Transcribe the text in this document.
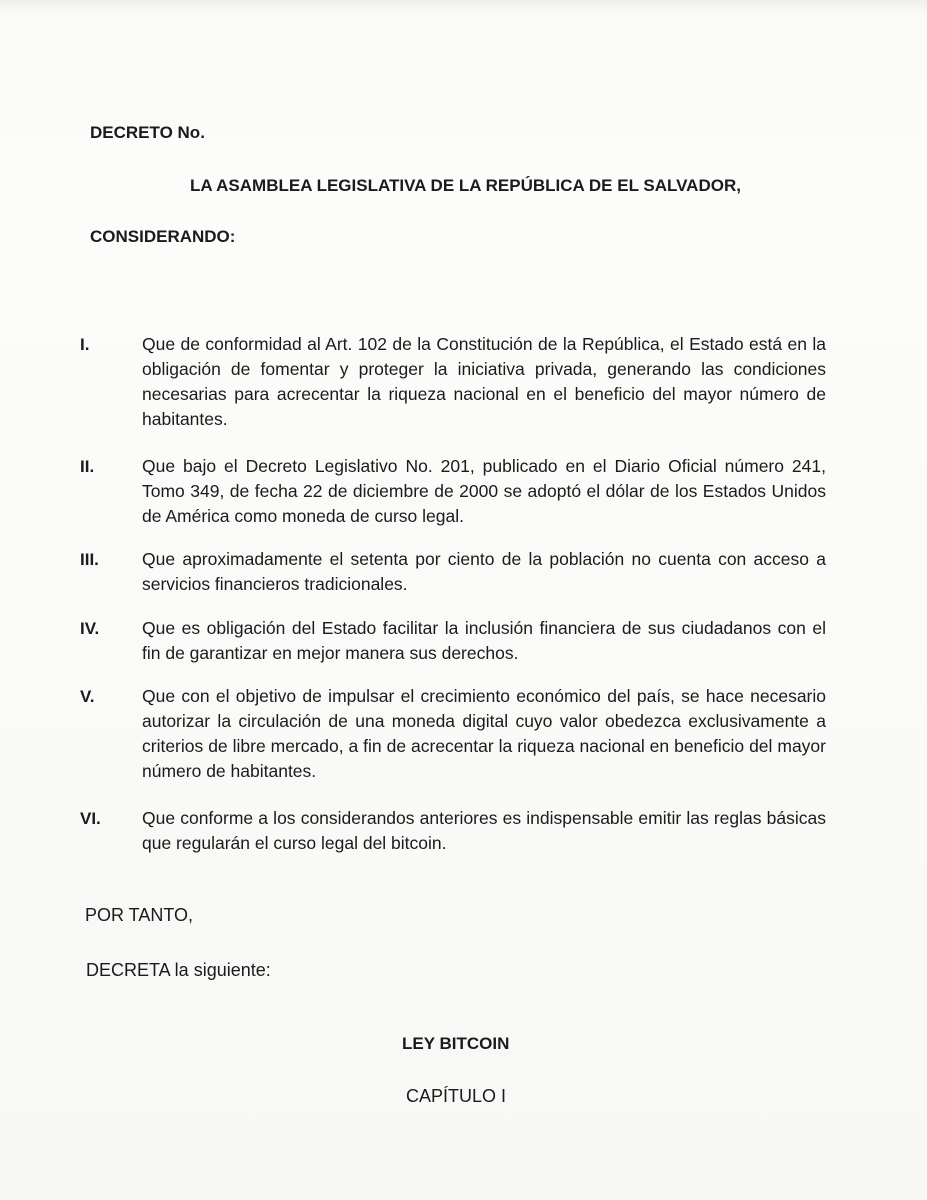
DECRETO No.
LA ASAMBLEA LEGISLATIVA DE LA REPÚBLICA DE EL SALVADOR,
CONSIDERANDO:
I.	Que de conformidad al Art. 102 de la Constitución de la República, el Estado está en la obligación de fomentar y proteger la iniciativa privada, generando las condiciones necesarias para acrecentar la riqueza nacional en el beneficio del mayor número de habitantes.
II.	Que bajo el Decreto Legislativo No. 201, publicado en el Diario Oficial número 241, Tomo 349, de fecha 22 de diciembre de 2000 se adoptó el dólar de los Estados Unidos de América como moneda de curso legal.
III.	Que aproximadamente el setenta por ciento de la población no cuenta con acceso a servicios financieros tradicionales.
IV.	Que es obligación del Estado facilitar la inclusión financiera de sus ciudadanos con el fin de garantizar en mejor manera sus derechos.
V.	Que con el objetivo de impulsar el crecimiento económico del país, se hace necesario autorizar la circulación de una moneda digital cuyo valor obedezca exclusivamente a criterios de libre mercado, a fin de acrecentar la riqueza nacional en beneficio del mayor número de habitantes.
VI.	Que conforme a los considerandos anteriores es indispensable emitir las reglas básicas que regularán el curso legal del bitcoin.
POR TANTO,
DECRETA la siguiente:
LEY BITCOIN
CAPÍTULO I
